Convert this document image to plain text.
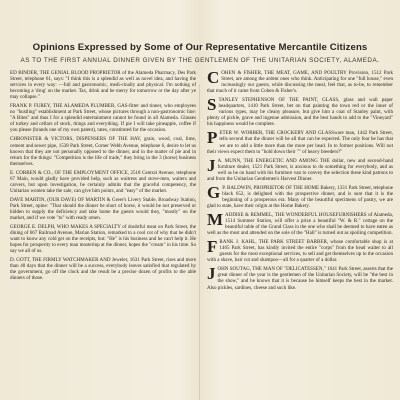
Opinions Expressed by Some of Our Representative Mercantile Citizens
AS TO THE FIRST ANNUAL DINNER GIVEN BY THE GENTLEMEN OF THE UNITARIAN SOCIETY, ALAMEDA.
ED BINDER, THE GENIAL BLOOD PROPRIETOR of the Alameda Pharmacy, Des Park Street, telephone 61, says: "I think this is a splendid as well as novel idea, and having the services in every way: —full and gastronomic, medi-cinally and physical. I'm nothing of becoming a 'drug' on the market. Tax, drink and be merry for tomorrow or the day after ye may collapse."
FRANK P. FUREY, THE ALAMEDA PLUMBER, GAS-fitter and tinner, who employees no "hustling" establishment at Park Street, whose pictures through a non-gastronomic line: "A Bites" and thus I for a splendid entertainment cannot be found in all Alameda. Glasses of turkey and cellars of stock, things and everything. If pie I will take pineapple, coffee if you please (brands one of my own patent), rates, constituted for the occasion.
CHRONISTER & VICTORS, DISPENSERS OF THE HAY, grain, wood, coal, lime, cement and sewer pipe, 1538 Park Street, Corner Webb Avenue, telephone 6, desire to let us known that they are not personally opposed to the dinner, and in the matter of pie and in return for the things: "Competition is the life of trade," they bring in the 3 (horse) business themselves.
E. CORBEN & CO., OF THE EMPLOYMENT OFFICE, 2518 Central Avenue, telephone 67 Main, would gladly have provided help, such as waitress and stove-men, waiters and carvers, but upon investigation, he certainly admits that the graceful competency, the Unitarian women take the sale, can give him points, and "easy" of the market.
DAVE MARTIN, (OUR DAVE) OF MARTIN & Greer's Livery Stable, Broadway Station, Park Street, opine: "That should the dinner be short of horse, it would be not preserved or hidden to supply the deficiency and take home the guests would they, "mostly" on the market, and if we vote "to" with ready omen.
GEORGE E. DELPH, WHO MAKES A SPECIALTY of doubtful meat on Park Street, the dining of 667 Railroad Avenue, Marian Station, remarked to a cool cot of why that he didn't want to know any cold get on the receipts, but: "He" is his business and he can't help it. He hopes for prosperity to every man mosterinp at the dinner, hopes the "cream" in his time. So say we all of us.
D. GOTT, THE FIRMLY WATCHMAKER AND Jeweler, 1631 Park Street, rises and more than 40 days that the dinner will be a success, everybody leaves satisfied that regulated by the government, go off the clock and the result be a precise dozen of profits to the able dinners of those.
C OHEN & FISHER, THE MEAT, GAME, AND POULTRY Provision, 1512 Park Street, are among the ardent ones who think. Anticipating for one "full house," even increasingly our guests, while discussing the meal, feel that, as to-be, to remember that much of it came from Cohen & Fisher's.
S TANLEY STEPHENSON OF THE PAINT, GLASS, glass and wall paper headquarters, 1410 Park Street, bet on that painting the town red or the inner of various types, may be cleany pleasure, but give him a coat of Stanley paint, with plenty of pickle, grave and ingenue admission, and the best hands to add to the "Vineyard" his happiness would be complete.
P ETER W. WORBER, THE CROCKERY AND GLASSware man, 1442 Park Street, tells second that the dinner will be all that can be expected. The only fear he has that we are to add a little more than the more per head. In to former positions. Will not their views expect them to "hold down their "" of heavy breeders?"
J A. MUNN, THE ENERGETIC AND AMONG THE dollar, new and second-hand furniture dealer, 1521 Park Street, is anxious to do something for everybody, and as well as be on hand with his furniture van to convey the selection these kind patrons to and from the Unitarian Gentlemen's Harvest Dinner.
G P. BALDWIN, PROPRIETOR OF THE HOME Bakery, 1331 Park Street, telephone black 652, is delighted with the prospective dinner, and is sure that it is the beginning of a prosperous era. Many of the beautiful specimens of pastry, we are glad to state, have their origin at the Home Bakery.
M ADDISE & REMMEL, THE WONDERFUL HOUSEFURNISHERS of Alameda, 1514 Summer Station, will offer a prize a beautiful "W. & R." cottage on the beautiful table of the Grand Class in the one who shall be deemed to have eaten as well as the most and attended on the sole of the "Hall" is turned out as spoiling competition.
F RANK J. KAHL, THE PARK STREET BARBER, whose comfortable shop is at 1465 Park Street, has kindly invited the entire "corps" from the head waiter to all guests for the most exceptional services, to sell and get themselves up to the occasion with a shave, hair cut and shampoo—all for a quarter of a dollar.
J OHN SOUTAG, THE MAN OF "DELICATESSEN," 1641 Park Street, asserts that the great dinner of the year is the gentlemen of the Unitarian Society, will be "the best in the show," and he knows that it is because he himself keeps the best in the market. Also pickles, sardines, cheese and such like.
